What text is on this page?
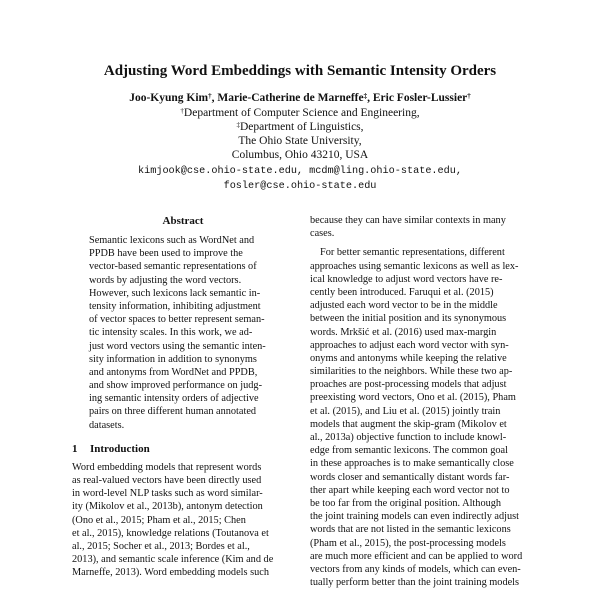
Adjusting Word Embeddings with Semantic Intensity Orders
Joo-Kyung Kim†, Marie-Catherine de Marneffe‡, Eric Fosler-Lussier†
†Department of Computer Science and Engineering,
‡Department of Linguistics,
The Ohio State University,
Columbus, Ohio 43210, USA
kimjook@cse.ohio-state.edu, mcdm@ling.ohio-state.edu,
fosler@cse.ohio-state.edu
Abstract
Semantic lexicons such as WordNet and
PPDB have been used to improve the
vector-based semantic representations of
words by adjusting the word vectors.
However, such lexicons lack semantic in-
tensity information, inhibiting adjustment
of vector spaces to better represent seman-
tic intensity scales. In this work, we ad-
just word vectors using the semantic inten-
sity information in addition to synonyms
and antonyms from WordNet and PPDB,
and show improved performance on judg-
ing semantic intensity orders of adjective
pairs on three different human annotated
datasets.
1 Introduction
Word embedding models that represent words
as real-valued vectors have been directly used
in word-level NLP tasks such as word similar-
ity (Mikolov et al., 2013b), antonym detection
(Ono et al., 2015; Pham et al., 2015; Chen
et al., 2015), knowledge relations (Toutanova et
al., 2015; Socher et al., 2013; Bordes et al.,
2013), and semantic scale inference (Kim and de
Marneffe, 2013). Word embedding models such
because they can have similar contexts in many
cases.
For better semantic representations, different
approaches using semantic lexicons as well as lex-
ical knowledge to adjust word vectors have re-
cently been introduced. Faruqui et al. (2015)
adjusted each word vector to be in the middle
between the initial position and its synonymous
words. Mrkšić et al. (2016) used max-margin
approaches to adjust each word vector with syn-
onyms and antonyms while keeping the relative
similarities to the neighbors. While these two ap-
proaches are post-processing models that adjust
preexisting word vectors, Ono et al. (2015), Pham
et al. (2015), and Liu et al. (2015) jointly train
models that augment the skip-gram (Mikolov et
al., 2013a) objective function to include knowl-
edge from semantic lexicons. The common goal
in these approaches is to make semantically close
words closer and semantically distant words far-
ther apart while keeping each word vector not to
be too far from the original position. Although
the joint training models can even indirectly adjust
words that are not listed in the semantic lexicons
(Pham et al., 2015), the post-processing models
are much more efficient and can be applied to word
vectors from any kinds of models, which can even-
tually perform better than the joint training models
